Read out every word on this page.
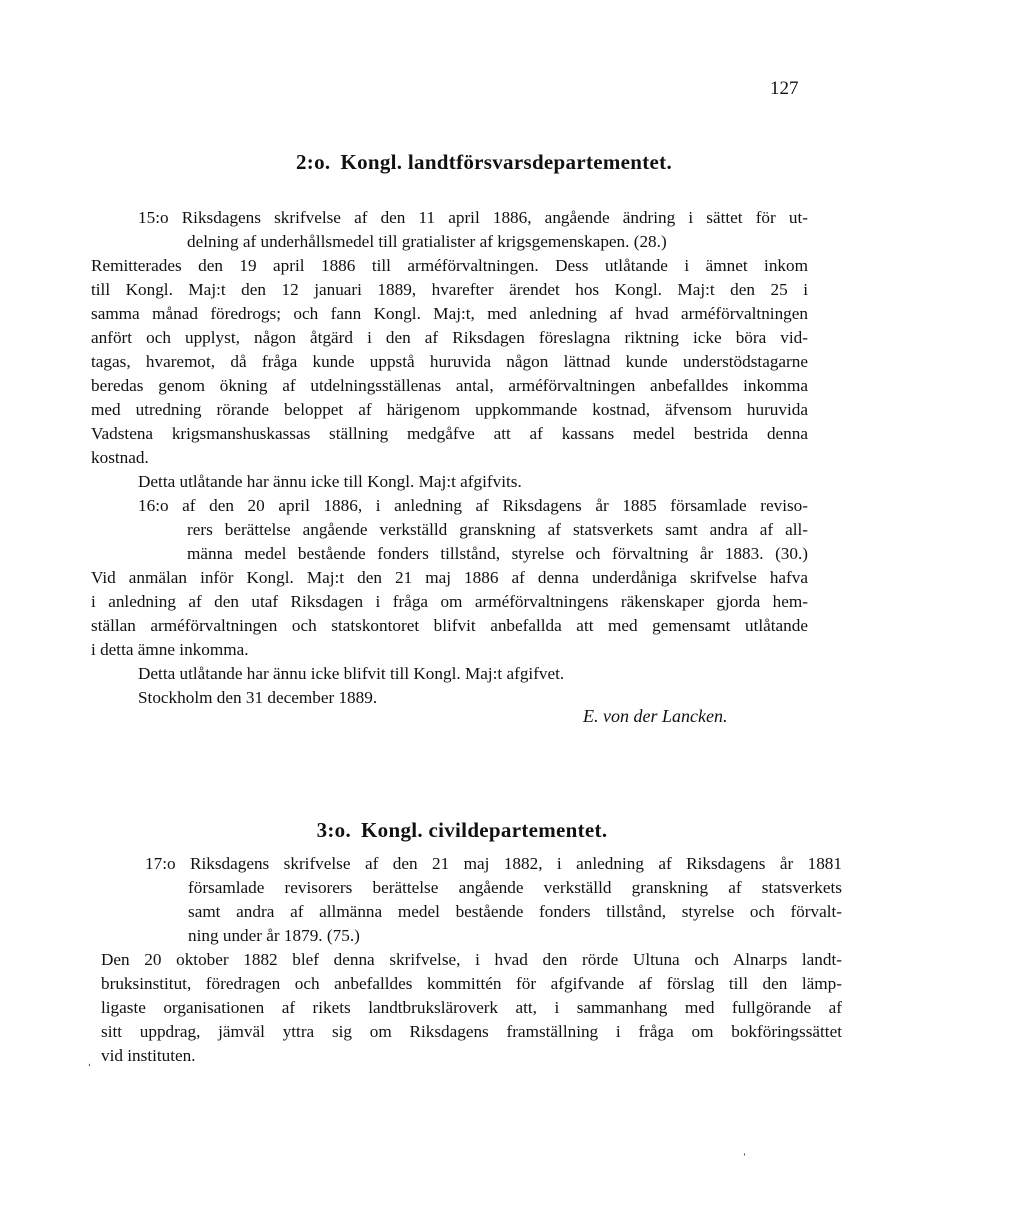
127
2:o. Kongl. landtförsvarsdepartementet.
15:o Riksdagens skrifvelse af den 11 april 1886, angående ändring i sättet för ut-
delning af underhållsmedel till gratialister af krigsgemenskapen. (28.)
Remitterades den 19 april 1886 till arméförvaltningen. Dess utlåtande i ämnet inkom
till Kongl. Maj:t den 12 januari 1889, hvarefter ärendet hos Kongl. Maj:t den 25 i
samma månad föredrogs; och fann Kongl. Maj:t, med anledning af hvad arméförvaltningen
anfört och upplyst, någon åtgärd i den af Riksdagen föreslagna riktning icke böra vid-
tagas, hvaremot, då fråga kunde uppstå huruvida någon lättnad kunde understödstagarne
beredas genom ökning af utdelningsställenas antal, arméförvaltningen anbefalldes inkomma
med utredning rörande beloppet af härigenom uppkommande kostnad, äfvensom huruvida
Vadstena krigsmanshuskassas ställning medgåfve att af kassans medel bestrida denna
kostnad.
Detta utlåtande har ännu icke till Kongl. Maj:t afgifvits.
16:o af den 20 april 1886, i anledning af Riksdagens år 1885 församlade reviso-
rers berättelse angående verkställd granskning af statsverkets samt andra af all-
männa medel bestående fonders tillstånd, styrelse och förvaltning år 1883. (30.)
Vid anmälan inför Kongl. Maj:t den 21 maj 1886 af denna underdåniga skrifvelse hafva
i anledning af den utaf Riksdagen i fråga om arméförvaltningens räkenskaper gjorda hem-
ställan arméförvaltningen och statskontoret blifvit anbefallda att med gemensamt utlåtande
i detta ämne inkomma.
Detta utlåtande har ännu icke blifvit till Kongl. Maj:t afgifvet.
Stockholm den 31 december 1889.
E. von der Lancken.
3:o. Kongl. civildepartementet.
17:o Riksdagens skrifvelse af den 21 maj 1882, i anledning af Riksdagens år 1881
församlade revisorers berättelse angående verkställd granskning af statsverkets
samt andra af allmänna medel bestående fonders tillstånd, styrelse och förvalt-
ning under år 1879. (75.)
Den 20 oktober 1882 blef denna skrifvelse, i hvad den rörde Ultuna och Alnarps landt-
bruksinstitut, föredragen och anbefalldes kommittén för afgifvande af förslag till den lämp-
ligaste organisationen af rikets landtbrukslärоverk att, i sammanhang med fullgörande af
sitt uppdrag, jämväl yttra sig om Riksdagens framställning i fråga om bokföringssättet
vid instituten.
ˌ
ˈ
